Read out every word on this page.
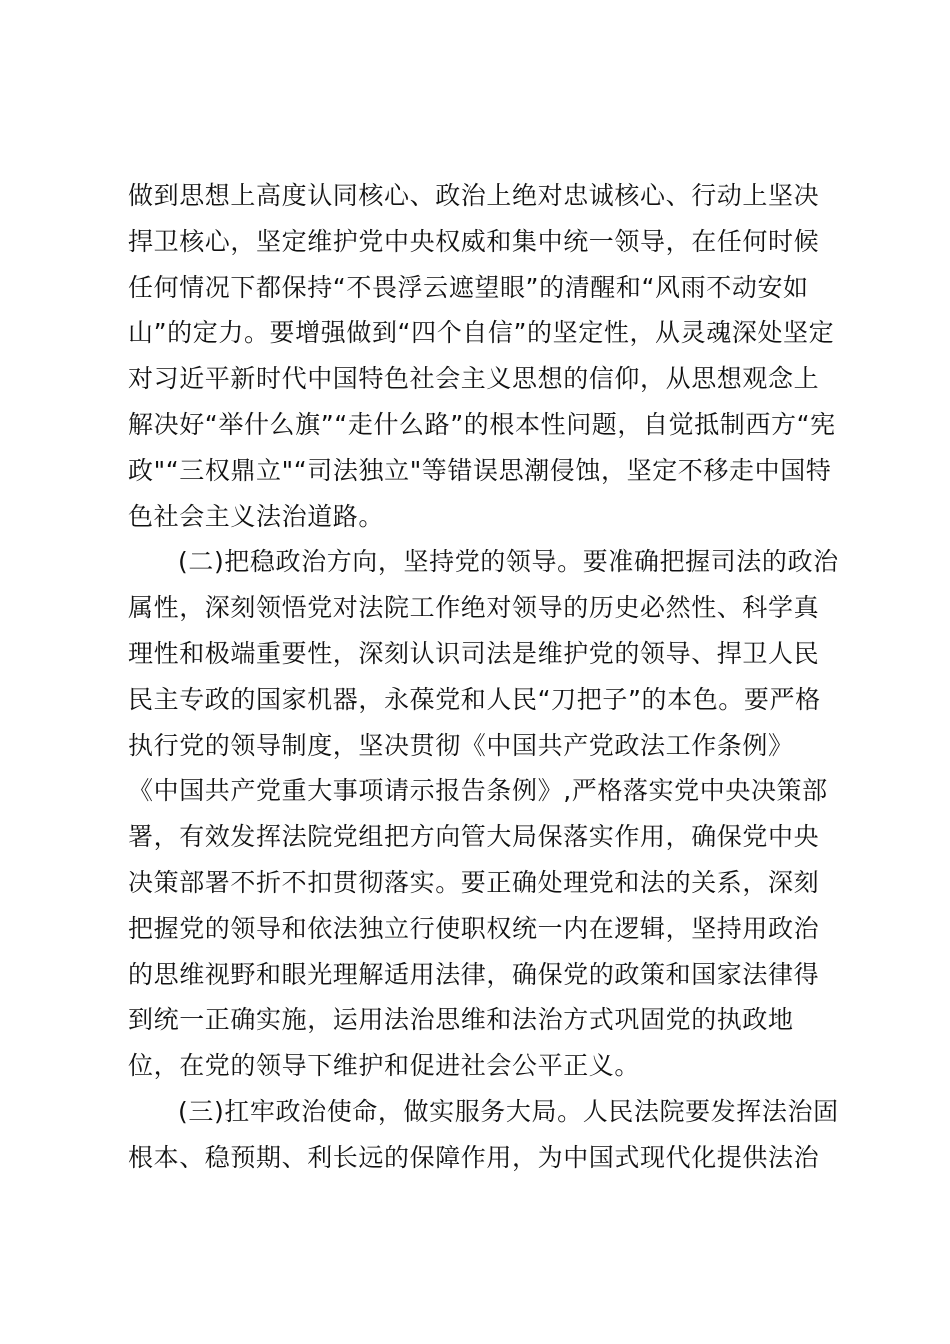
做到思想上高度认同核心、政治上绝对忠诚核心、行动上坚决
捍卫核心，坚定维护党中央权威和集中统一领导，在任何时候
任何情况下都保持“不畏浮云遮望眼”的清醒和“风雨不动安如
山”的定力。要增强做到“四个自信”的坚定性，从灵魂深处坚定
对习近平新时代中国特色社会主义思想的信仰，从思想观念上
解决好“举什么旗”“走什么路”的根本性问题，自觉抵制西方“宪
政"“三权鼎立"“司法独立"等错误思潮侵蚀，坚定不移走中国特
色社会主义法治道路。
(二)把稳政治方向，坚持党的领导。要准确把握司法的政治
属性，深刻领悟党对法院工作绝对领导的历史必然性、科学真
理性和极端重要性，深刻认识司法是维护党的领导、捍卫人民
民主专政的国家机器，永葆党和人民“刀把子”的本色。要严格
执行党的领导制度，坚决贯彻《中国共产党政法工作条例》
《中国共产党重大事项请示报告条例》,严格落实党中央决策部
署，有效发挥法院党组把方向管大局保落实作用，确保党中央
决策部署不折不扣贯彻落实。要正确处理党和法的关系，深刻
把握党的领导和依法独立行使职权统一内在逻辑，坚持用政治
的思维视野和眼光理解适用法律，确保党的政策和国家法律得
到统一正确实施，运用法治思维和法治方式巩固党的执政地
位，在党的领导下维护和促进社会公平正义。
(三)扛牢政治使命，做实服务大局。人民法院要发挥法治固
根本、稳预期、利长远的保障作用，为中国式现代化提供法治
